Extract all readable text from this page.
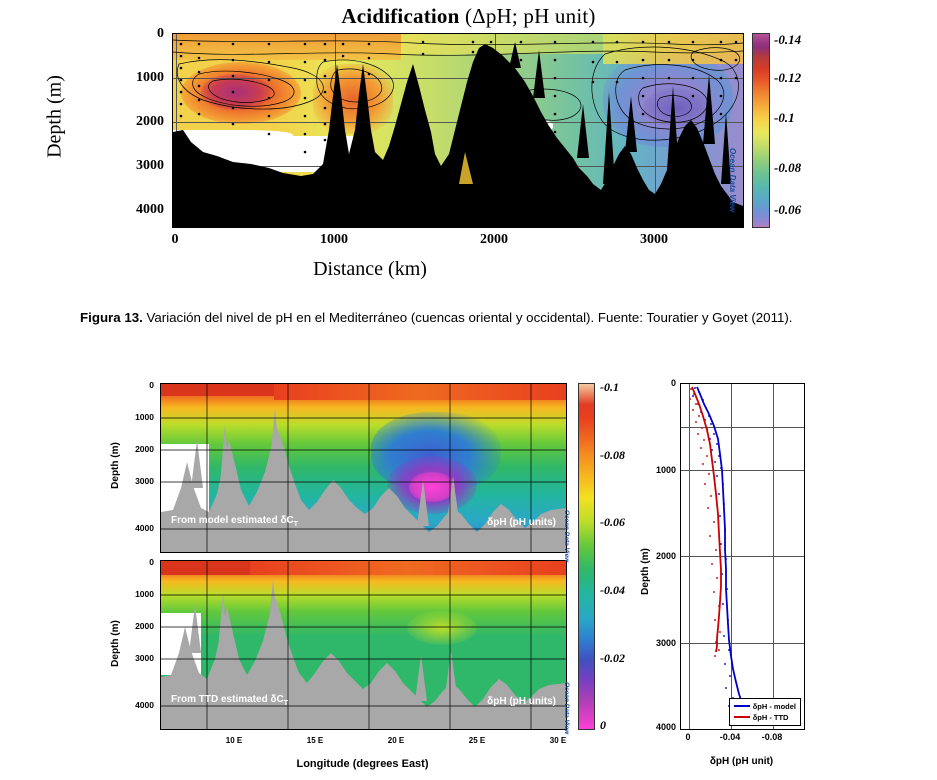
Acidification (ΔpH; pH unit)
Depth (m)
0
1000
2000
3000
4000
0	1000	2000	3000
Distance (km)
-0.14
-0.12
-0.1
-0.08
-0.06
Ocean Data View
Figura 13. Variación del nivel de pH en el Mediterráneo (cuencas oriental y occidental). Fuente: Touratier y Goyet (2011).
Depth (m)
0
1000
2000
3000
4000
From model estimated $\delta C_T$	δpH (pH units)
Depth (m)
0
1000
2000
3000
4000 From TTD estimated $\delta C_T$	δpH (pH units)
10 E	15 E	20 E	25 E	30 E
Longitude (degrees East)
-0.1
-0.08
-0.06
-0.04
-0.02
0
Ocean Data View
Ocean Data View
Depth (m)
0
1000
2000
3000
4000
δpH - model
δpH - TTD
0	-0.04	-0.08
δpH (pH unit)
